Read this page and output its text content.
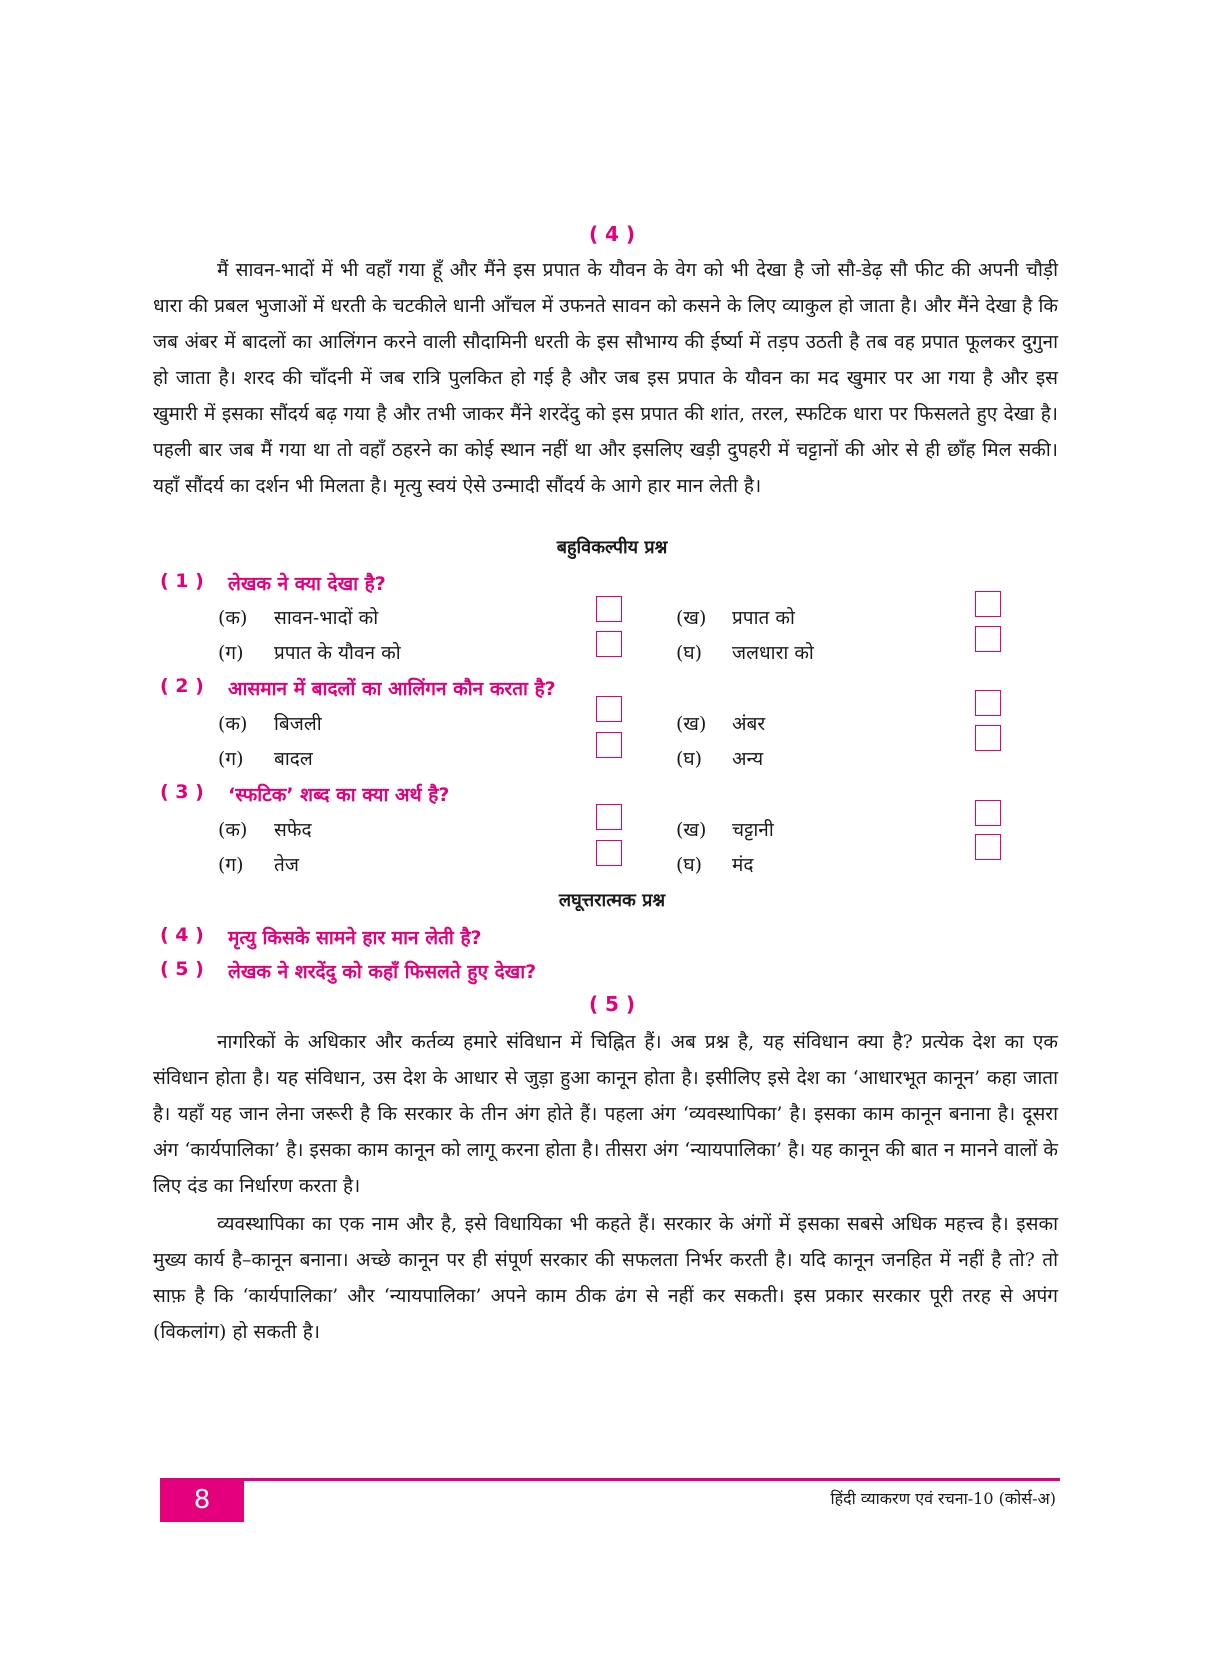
( 4 )

मैं सावन-भादों में भी वहाँ गया हूँ और मैंने इस प्रपात के यौवन के वेग को भी देखा है जो सौ-डेढ़ सौ फीट की अपनी चौड़ी धारा की प्रबल भुजाओं में धरती के चटकीले धानी आँचल में उफनते सावन को कसने के लिए व्याकुल हो जाता है। और मैंने देखा है कि जब अंबर में बादलों का आलिंगन करने वाली सौदामिनी धरती के इस सौभाग्य की ईर्ष्या में तड़प उठती है तब वह प्रपात फूलकर दुगुना हो जाता है। शरद की चाँदनी में जब रात्रि पुलकित हो गई है और जब इस प्रपात के यौवन का मद खुमार पर आ गया है और इस खुमारी में इसका सौंदर्य बढ़ गया है और तभी जाकर मैंने शरदेंदु को इस प्रपात की शांत, तरल, स्फटिक धारा पर फिसलते हुए देखा है। पहली बार जब मैं गया था तो वहाँ ठहरने का कोई स्थान नहीं था और इसलिए खड़ी दुपहरी में चट्टानों की ओर से ही छाँह मिल सकी। यहाँ सौंदर्य का दर्शन भी मिलता है। मृत्यु स्वयं ऐसे उन्मादी सौंदर्य के आगे हार मान लेती है।

बहुविकल्पीय प्रश्न
( 1 )	लेखक ने क्या देखा है?
(क) सावन-भादों को	(ख) प्रपात को
(ग) प्रपात के यौवन को	(घ) जलधारा को
( 2 )	आसमान में बादलों का आलिंगन कौन करता है?
(क) बिजली	(ख) अंबर
(ग) बादल	(घ) अन्य
( 3 )	‘स्फटिक’ शब्द का क्या अर्थ है?
(क) सफेद	(ख) चट्टानी
(ग) तेज	(घ) मंद
लघूत्तरात्मक प्रश्न
( 4 )	मृत्यु किसके सामने हार मान लेती है?
( 5 )	लेखक ने शरदेंदु को कहाँ फिसलते हुए देखा?
( 5 )

नागरिकों के अधिकार और कर्तव्य हमारे संविधान में चिह्नित हैं। अब प्रश्न है, यह संविधान क्या है? प्रत्येक देश का एक संविधान होता है। यह संविधान, उस देश के आधार से जुड़ा हुआ कानून होता है। इसीलिए इसे देश का ‘आधारभूत कानून’ कहा जाता है। यहाँ यह जान लेना जरूरी है कि सरकार के तीन अंग होते हैं। पहला अंग ‘व्यवस्थापिका’ है। इसका काम कानून बनाना है। दूसरा अंग ‘कार्यपालिका’ है। इसका काम कानून को लागू करना होता है। तीसरा अंग ‘न्यायपालिका’ है। यह कानून की बात न मानने वालों के लिए दंड का निर्धारण करता है।

व्यवस्थापिका का एक नाम और है, इसे विधायिका भी कहते हैं। सरकार के अंगों में इसका सबसे अधिक महत्त्व है। इसका मुख्य कार्य है–कानून बनाना। अच्छे कानून पर ही संपूर्ण सरकार की सफलता निर्भर करती है। यदि कानून जनहित में नहीं है तो? तो साफ़ है कि ‘कार्यपालिका’ और ‘न्यायपालिका’ अपने काम ठीक ढंग से नहीं कर सकती। इस प्रकार सरकार पूरी तरह से अपंग (विकलांग) हो सकती है।

8	हिंदी व्याकरण एवं रचना-10 (कोर्स-अ)
